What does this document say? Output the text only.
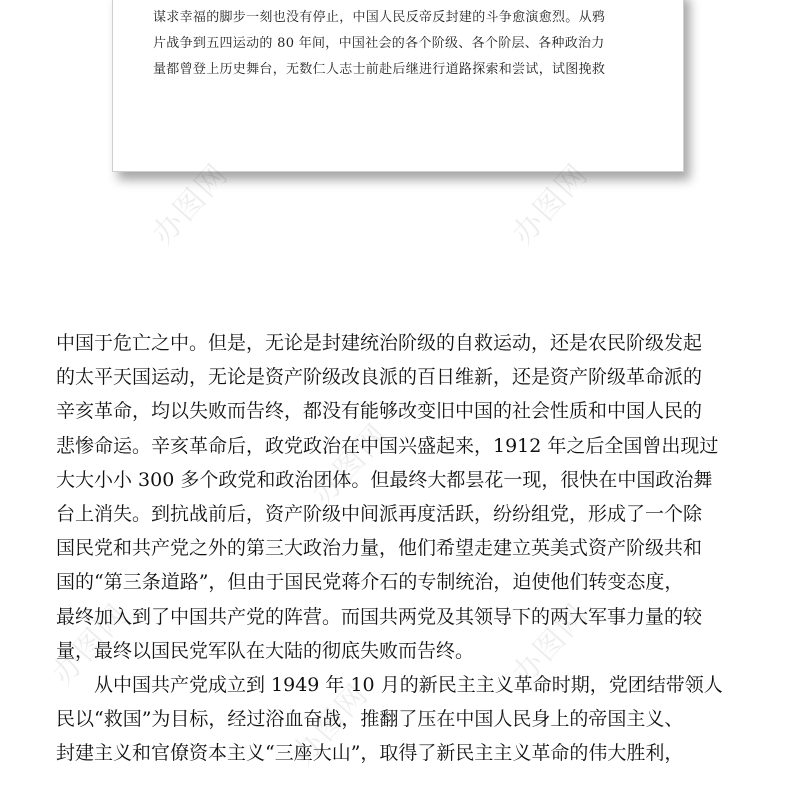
谋求幸福的脚步一刻也没有停止，中国人民反帝反封建的斗争愈演愈烈。从鸦

片战争到五四运动的 80 年间，中国社会的各个阶级、各个阶层、各种政治力

量都曾登上历史舞台，无数仁人志士前赴后继进行道路探索和尝试，试图挽救

办图网	办图网
办图网
办图网	办图网
办图网
中国于危亡之中。但是，无论是封建统治阶级的自救运动，还是农民阶级发起
的太平天国运动，无论是资产阶级改良派的百日维新，还是资产阶级革命派的
辛亥革命，均以失败而告终，都没有能够改变旧中国的社会性质和中国人民的
悲惨命运。辛亥革命后，政党政治在中国兴盛起来，1912 年之后全国曾出现过
大大小小 300 多个政党和政治团体。但最终大都昙花一现，很快在中国政治舞
台上消失。到抗战前后，资产阶级中间派再度活跃，纷纷组党，形成了一个除
国民党和共产党之外的第三大政治力量，他们希望走建立英美式资产阶级共和
国的“第三条道路”，但由于国民党蒋介石的专制统治，迫使他们转变态度，
最终加入到了中国共产党的阵营。而国共两党及其领导下的两大军事力量的较
量，最终以国民党军队在大陆的彻底失败而告终。
从中国共产党成立到 1949 年 10 月的新民主主义革命时期，党团结带领人
民以“救国”为目标，经过浴血奋战，推翻了压在中国人民身上的帝国主义、
封建主义和官僚资本主义“三座大山”，取得了新民主主义革命的伟大胜利，
